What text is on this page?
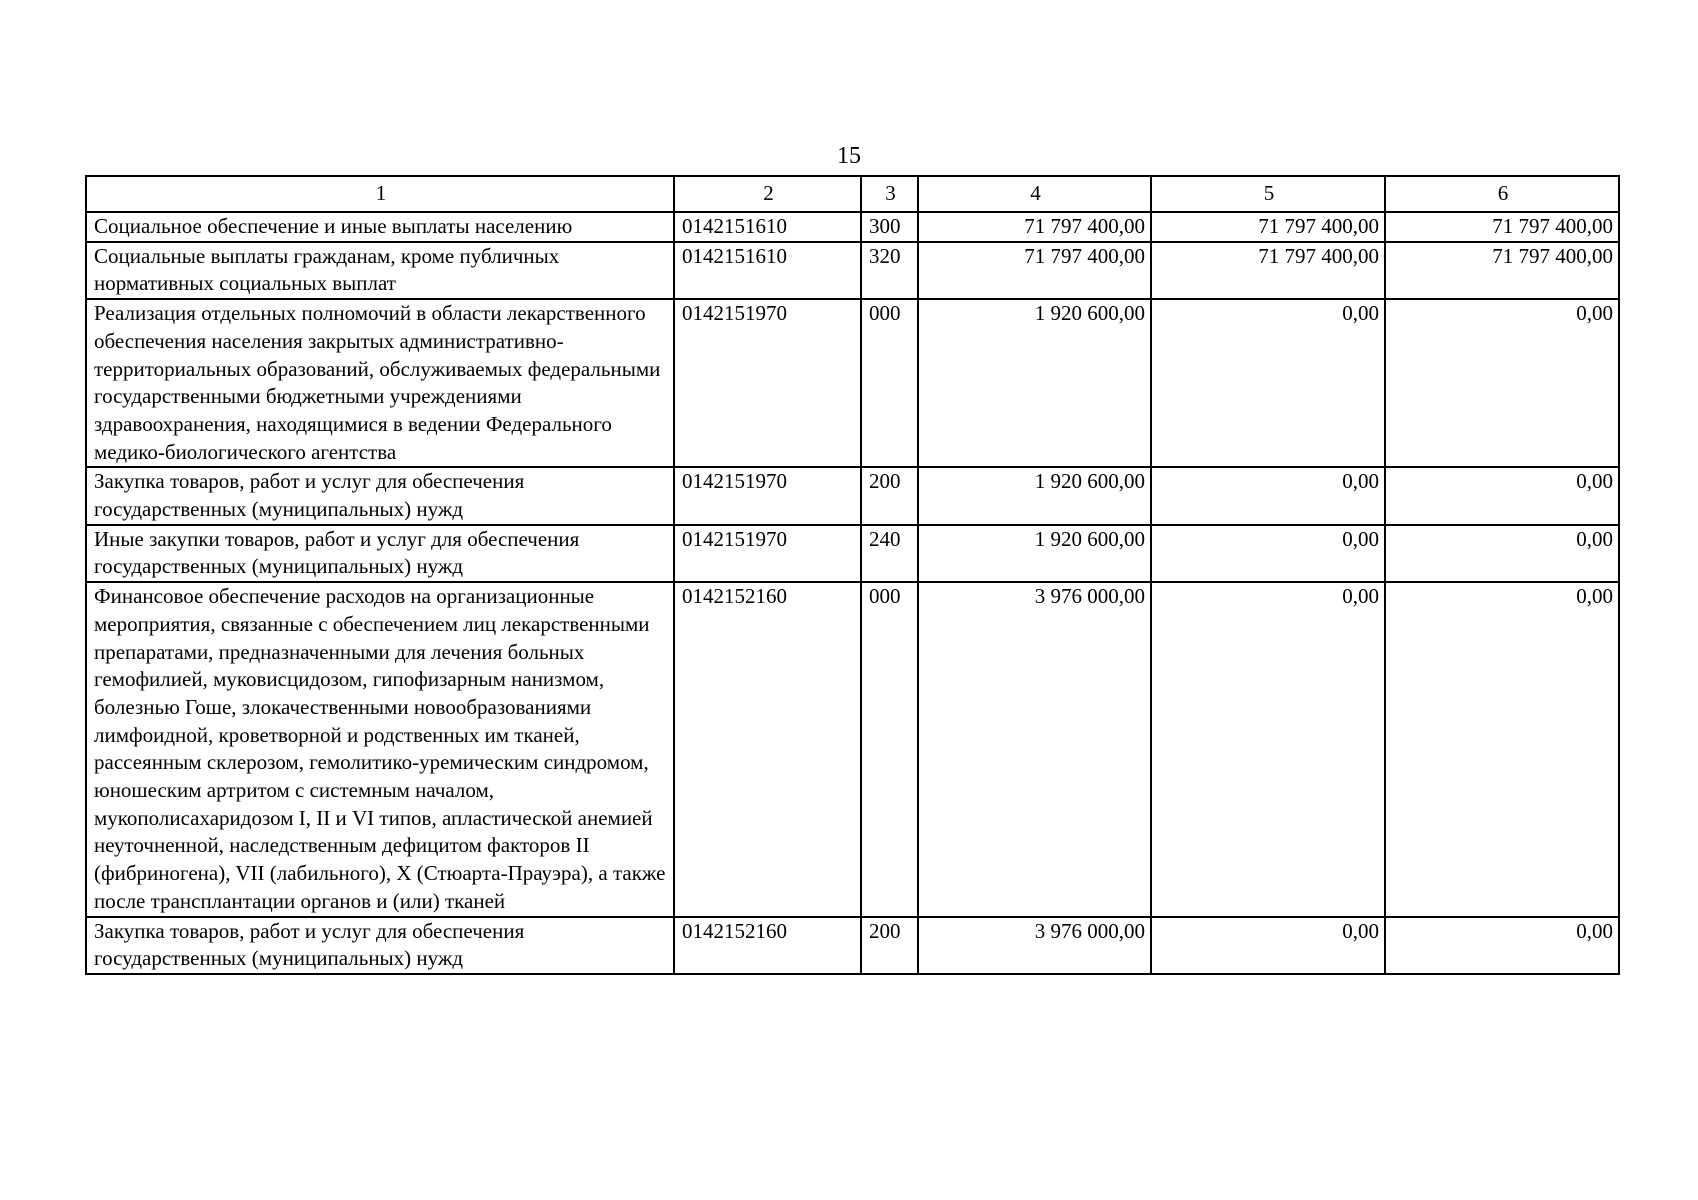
15
1	2	3	4	5	6
Социальное обеспечение и иные выплаты населению	0142151610	300	71 797 400,00	71 797 400,00	71 797 400,00
Социальные выплаты гражданам, кроме публичных нормативных социальных выплат	0142151610	320	71 797 400,00	71 797 400,00	71 797 400,00
Реализация отдельных полномочий в области лекарственного обеспечения населения закрытых административно-территориальных образований, обслуживаемых федеральными государственными бюджетными учреждениями здравоохранения, находящимися в ведении Федерального медико-биологического агентства	0142151970	000	1 920 600,00	0,00	0,00
Закупка товаров, работ и услуг для обеспечения государственных (муниципальных) нужд	0142151970	200	1 920 600,00	0,00	0,00
Иные закупки товаров, работ и услуг для обеспечения государственных (муниципальных) нужд	0142151970	240	1 920 600,00	0,00	0,00
Финансовое обеспечение расходов на организационные мероприятия, связанные с обеспечением лиц лекарственными препаратами, предназначенными для лечения больных гемофилией, муковисцидозом, гипофизарным нанизмом, болезнью Гоше, злокачественными новообразованиями лимфоидной, кроветворной и родственных им тканей, рассеянным склерозом, гемолитико-уремическим синдромом, юношеским артритом с системным началом, мукополисахаридозом I, II и VI типов, апластической анемией неуточненной, наследственным дефицитом факторов II (фибриногена), VII (лабильного), X (Стюарта-Прауэра), а также после трансплантации органов и (или) тканей	0142152160	000	3 976 000,00	0,00	0,00
Закупка товаров, работ и услуг для обеспечения государственных (муниципальных) нужд	0142152160	200	3 976 000,00	0,00	0,00
